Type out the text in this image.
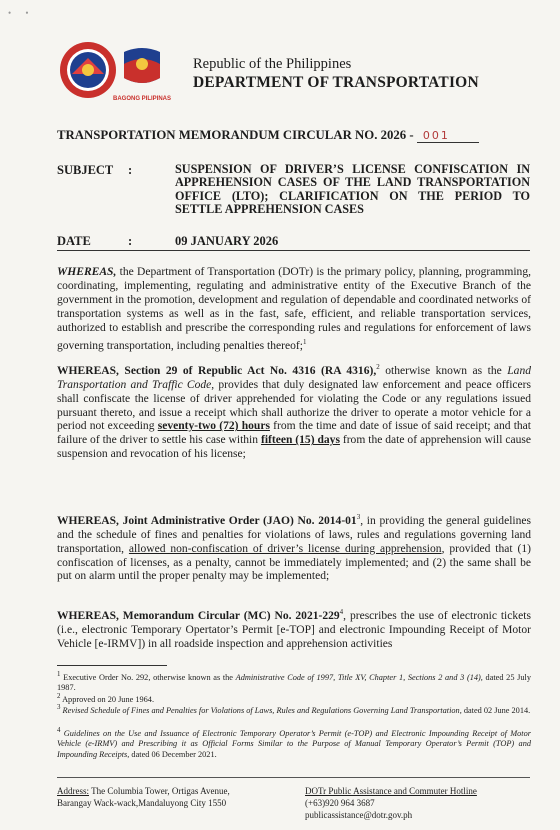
• •
BAGONG PILIPINAS
Republic of the Philippines
DEPARTMENT OF TRANSPORTATION
TRANSPORTATION MEMORANDUM CIRCULAR NO. 2026 - 001
SUBJECT :	SUSPENSION OF DRIVER’S LICENSE CONFISCATION IN APPREHENSION CASES OF THE LAND TRANSPORTATION OFFICE (LTO); CLARIFICATION ON THE PERIOD TO SETTLE APPREHENSION CASES
DATE	:	09 JANUARY 2026
WHEREAS, the Department of Transportation (DOTr) is the primary policy, planning, programming, coordinating, implementing, regulating and administrative entity of the Executive Branch of the government in the promotion, development and regulation of dependable and coordinated networks of transportation systems as well as in the fast, safe, efficient, and reliable transportation services, authorized to establish and prescribe the corresponding rules and regulations for enforcement of laws governing transportation, including penalties thereof;$^1$
WHEREAS, Section 29 of Republic Act No. 4316 (RA 4316),$^2$ otherwise known as the Land Transportation and Traffic Code, provides that duly designated law enforcement and peace officers shall confiscate the license of driver apprehended for violating the Code or any regulations issued pursuant thereto, and issue a receipt which shall authorize the driver to operate a motor vehicle for a period not exceeding seventy-two (72) hours from the time and date of issue of said receipt; and that failure of the driver to settle his case within fifteen (15) days from the date of apprehension will cause suspension and revocation of his license;
WHEREAS, Joint Administrative Order (JAO) No. $2014-01^3$, in providing the general guidelines and the schedule of fines and penalties for violations of laws, rules and regulations governing land transportation, allowed non-confiscation of driver’s license during apprehension, provided that (1) confiscation of licenses, as a penalty, cannot be immediately implemented; and (2) the same shall be put on alarm until the proper penalty may be implemented;
WHEREAS, Memorandum Circular (MC) No. $2021-229^4$, prescribes the use of electronic tickets (i.e., electronic Temporary Opertator’s Permit [e-TOP] and electronic Impounding Receipt of Motor Vehicle [e-IRMV]) in all roadside inspection and apprehension activities
$^1$ Executive Order No. 292, otherwise known as the Administrative Code of 1997, Title XV, Chapter 1, Sections 2 and 3 (14), dated 25 July 1987.
$^2$ Approved on 20 June 1964.
$^3$ Revised Schedule of Fines and Penalties for Violations of Laws, Rules and Regulations Governing Land Transportation, dated 02 June 2014.
$^4$ Guidelines on the Use and Issuance of Electronic Temporary Operator’s Permit (e-TOP) and Electronic Impounding Receipt of Motor Vehicle (e-IRMV) and Prescribing it as Official Forms Similar to the Purpose of Manual Temporary Operator’s Permit (TOP) and Impounding Receipts, dated 06 December 2021.
Address: The Columbia Tower, Ortigas Avenue,
Barangay Wack-wack,Mandaluyong City 1550
DOTr Public Assistance and Commuter Hotline
(+63)920 964 3687
publicassistance@dotr.gov.ph
